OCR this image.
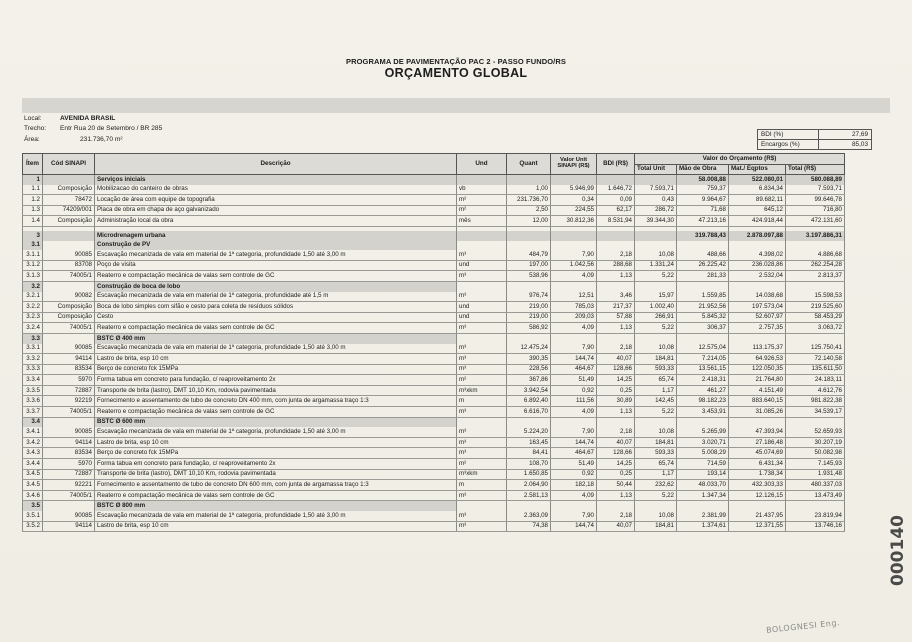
PROGRAMA DE PAVIMENTAÇÃO PAC 2 - PASSO FUNDO/RS
ORÇAMENTO GLOBAL
Local:	AVENIDA BRASIL
Trecho: Entr Rua 20 de Setembro / BR 285
Área:	231.736,70 m²
BDI (%)	27,69
Encargos (%)	85,03
Ítem	Cód SINAPI	Descrição	Und	Quant	Valor Unit SINAPI (R$)	BDI (R$)	Valor do Orçamento (R$)			
							Total Unit	Mão de Obra	Mat./ Eqptos	Total (R$)
1		Serviços iniciais						58.008,88	522.080,01	580.088,89
1.1	Composição	Mobilizacao do canteiro de obras	vb	1,00	5.946,99	1.646,72	7.593,71	759,37	6.834,34	7.593,71
1.2	78472	Locação de área com equipe de topografia	m²	231.736,70	0,34	0,09	0,43	9.964,67	89.682,11	99.646,78
1.3	74209/001	Placa de obra em chapa de aço galvanizado	m²	2,50	224,55	62,17	286,72	71,68	645,12	716,80
1.4	Composição	Administração local da obra	mês	12,00	30.812,36	8.531,94	39.344,30	47.213,16	424.918,44	472.131,60

3		Microdrenagem urbana						319.788,43	2.878.097,88	3.197.886,31
3.1		Construção de PV								
3.1.1	90085	Escavação mecanizada de vala em material de 1ª categoria, profundidade 1,50 até 3,00 m	m³	484,79	7,90	2,18	10,08	488,66	4.398,02	4.886,68
3.1.2	83708	Poço de visita	und	197,00	1.042,56	288,68	1.331,24	26.225,42	236.028,86	262.254,28
3.1.3	74005/1	Reaterro e compactação mecânica de valas sem controle de GC	m³	538,96	4,09	1,13	5,22	281,33	2.532,04	2.813,37
3.2		Construção de boca de lobo								
3.2.1	90082	Escavação mecanizada de vala em material de 1ª categoria, profundidade até 1,5 m	m³	976,74	12,51	3,46	15,97	1.559,85	14.038,68	15.598,53
3.2.2	Composição	Boca de lobo simples com sifão e cesto para coleta de resíduos sólidos	und	219,00	785,03	217,37	1.002,40	21.952,56	197.573,04	219.525,60
3.2.3	Composição	Cesto	und	219,00	209,03	57,88	266,91	5.845,32	52.607,97	58.453,29
3.2.4	74005/1	Reaterro e compactação mecânica de valas sem controle de GC	m³	586,92	4,09	1,13	5,22	306,37	2.757,35	3.063,72
3.3		BSTC Ø 400 mm								
3.3.1	90085	Escavação mecanizada de vala em material de 1ª categoria, profundidade 1,50 até 3,00 m	m³	12.475,24	7,90	2,18	10,08	12.575,04	113.175,37	125.750,41
3.3.2	94114	Lastro de brita, esp 10 cm	m³	390,35	144,74	40,07	184,81	7.214,05	64.926,53	72.140,58
3.3.3	83534	Berço de concreto fck 15MPa	m³	228,56	464,67	128,66	593,33	13.561,15	122.050,35	135.611,50
3.3.4	5970	Forma tabua em concreto para fundação, c/ reaproveitamento 2x	m²	367,86	51,49	14,25	65,74	2.418,31	21.764,80	24.183,11
3.3.5	72887	Transporte de brita (lastro), DMT 10,10 Km, rodovia pavimentada	m³xkm	3.942,54	0,92	0,25	1,17	461,27	4.151,49	4.612,76
3.3.6	92219	Fornecimento e assentamento de tubo de concreto DN 400 mm, com junta de argamassa traço 1:3	m	6.892,40	111,56	30,89	142,45	98.182,23	883.640,15	981.822,38
3.3.7	74005/1	Reaterro e compactação mecânica de valas sem controle de GC	m³	6.616,70	4,09	1,13	5,22	3.453,91	31.085,26	34.539,17
3.4		BSTC Ø 600 mm								
3.4.1	90085	Escavação mecanizada de vala em material de 1ª categoria, profundidade 1,50 até 3,00 m	m³	5.224,20	7,90	2,18	10,08	5.265,99	47.393,94	52.659,93
3.4.2	94114	Lastro de brita, esp 10 cm	m³	163,45	144,74	40,07	184,81	3.020,71	27.186,48	30.207,19
3.4.3	83534	Berço de concreto fck 15MPa	m³	84,41	464,67	128,66	593,33	5.008,29	45.074,69	50.082,98
3.4.4	5970	Forma tabua em concreto para fundação, c/ reaproveitamento 2x	m²	108,70	51,49	14,25	65,74	714,59	6.431,34	7.145,93
3.4.5	72887	Transporte de brita (lastro), DMT 10,10 Km, rodovia pavimentada	m³xkm	1.650,85	0,92	0,25	1,17	193,14	1.738,34	1.931,48
3.4.5	92221	Fornecimento e assentamento de tubo de concreto DN 600 mm, com junta de argamassa traço 1:3	m	2.064,90	182,18	50,44	232,62	48.033,70	432.303,33	480.337,03
3.4.6	74005/1	Reaterro e compactação mecânica de valas sem controle de GC	m³	2.581,13	4,09	1,13	5,22	1.347,34	12.126,15	13.473,49
3.5		BSTC Ø 800 mm								
3.5.1	90085	Escavação mecanizada de vala em material de 1ª categoria, profundidade 1,50 até 3,00 m	m³	2.363,09	7,90	2,18	10,08	2.381,99	21.437,95	23.819,94
3.5.2	94114	Lastro de brita, esp 10 cm	m³	74,38	144,74	40,07	184,81	1.374,61	12.371,55	13.746,16	000140
BOLOGNESI Eng.
